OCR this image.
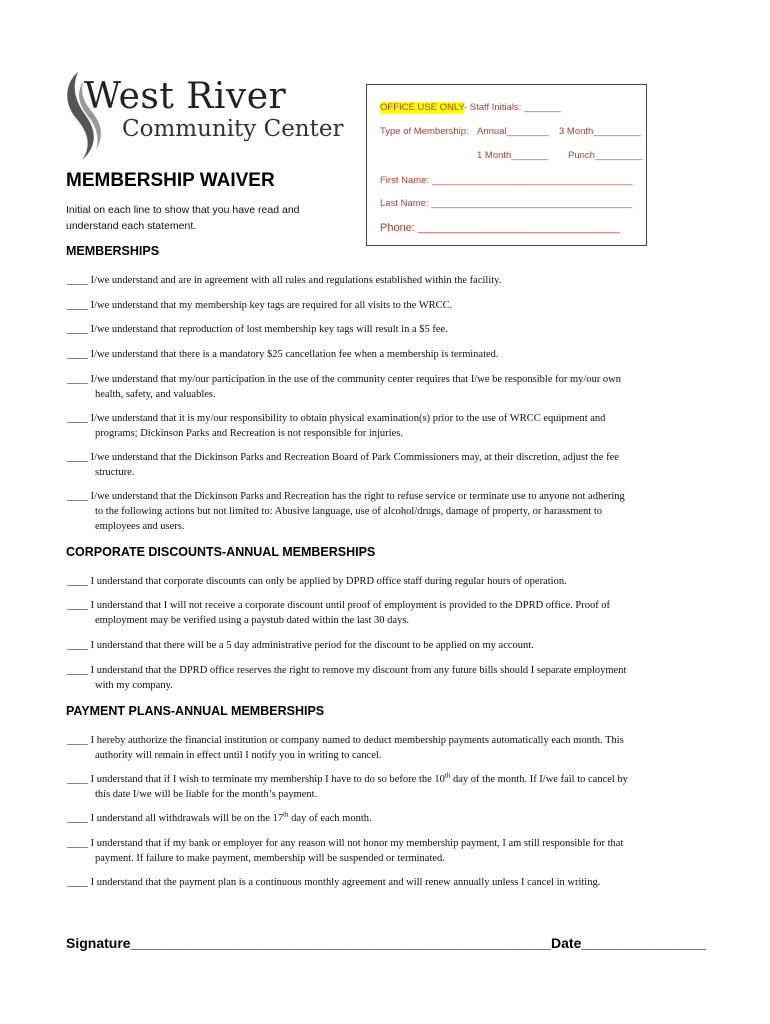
West River
Community Center
OFFICE USE ONLY- Staff Initials: _______
Type of Membership: Annual________ 3 Month_________
1 Month_______ Punch_________
First Name: ______________________________________
Last Name: ______________________________________
Phone: _________________________________
MEMBERSHIP WAIVER
Initial on each line to show that you have read and understand each statement.
MEMBERSHIPS
____ I/we understand and are in agreement with all rules and regulations established within the facility.
____ I/we understand that my membership key tags are required for all visits to the WRCC.
____ I/we understand that reproduction of lost membership key tags will result in a $5 fee.
____ I/we understand that there is a mandatory $25 cancellation fee when a membership is terminated.
____ I/we understand that my/our participation in the use of the community center requires that I/we be responsible for my/our own
health, safety, and valuables.
____ I/we understand that it is my/our responsibility to obtain physical examination(s) prior to the use of WRCC equipment and
programs; Dickinson Parks and Recreation is not responsible for injuries.
____ I/we understand that the Dickinson Parks and Recreation Board of Park Commissioners may, at their discretion, adjust the fee
structure.
____ I/we understand that the Dickinson Parks and Recreation has the right to refuse service or terminate use to anyone not adhering
to the following actions but not limited to: Abusive language, use of alcohol/drugs, damage of property, or harassment to
employees and users.
CORPORATE DISCOUNTS-ANNUAL MEMBERSHIPS
____ I understand that corporate discounts can only be applied by DPRD office staff during regular hours of operation.
____ I understand that I will not receive a corporate discount until proof of employment is provided to the DPRD office. Proof of
employment may be verified using a paystub dated within the last 30 days.
____ I understand that there will be a 5 day administrative period for the discount to be applied on my account.
____ I understand that the DPRD office reserves the right to remove my discount from any future bills should I separate employment
with my company.
PAYMENT PLANS-ANNUAL MEMBERSHIPS
____ I hereby authorize the financial institution or company named to deduct membership payments automatically each month. This
authority will remain in effect until I notify you in writing to cancel.
____ I understand that if I wish to terminate my membership I have to do so before the 10th day of the month. If I/we fail to cancel by
this date I/we will be liable for the month’s payment.
____ I understand all withdrawals will be on the 17th day of each month.
____ I understand that if my bank or employer for any reason will not honor my membership payment, I am still responsible for that
payment. If failure to make payment, membership will be suspended or terminated.
____ I understand that the payment plan is a continuous monthly agreement and will renew annually unless I cancel in writing.
Signature______________________________________________________Date________________
